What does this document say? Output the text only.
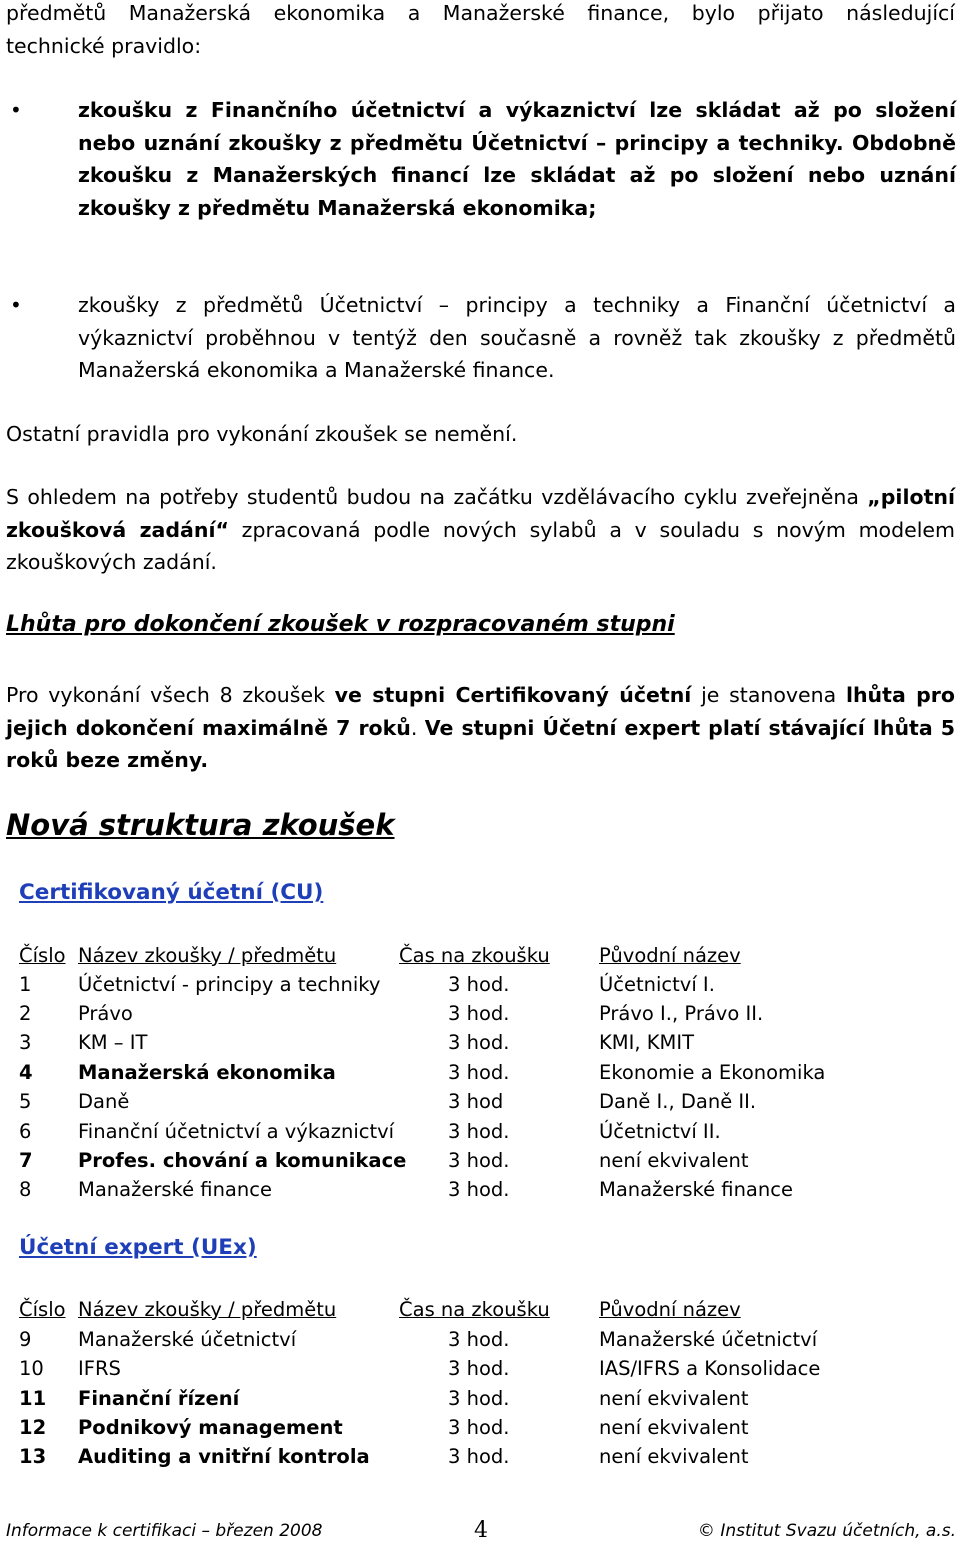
předmětů Manažerská ekonomika a Manažerské finance, bylo přijato následující
technické pravidlo:
•	zkoušku z Finančního účetnictví a výkaznictví lze skládat až po složení nebo uznání zkoušky z předmětu Účetnictví – principy a techniky. Obdobně zkoušku z Manažerských financí lze skládat až po složení nebo uznání zkoušky z předmětu Manažerská ekonomika;
•	zkoušky z předmětů Účetnictví – principy a techniky a Finanční účetnictví a výkaznictví proběhnou v tentýž den současně a rovněž tak zkoušky z předmětů Manažerská ekonomika a Manažerské finance.
Ostatní pravidla pro vykonání zkoušek se nemění.
S ohledem na potřeby studentů budou na začátku vzdělávacího cyklu zveřejněna „pilotní zkoušková zadání“ zpracovaná podle nových sylabů a v souladu s novým modelem zkouškových zadání.
Lhůta pro dokončení zkoušek v rozpracovaném stupni
Pro vykonání všech 8 zkoušek ve stupni Certifikovaný účetní je stanovena lhůta pro jejich dokončení maximálně 7 roků. Ve stupni Účetní expert platí stávající lhůta 5 roků beze změny.
Nová struktura zkoušek
Certifikovaný účetní (CU)
Číslo Název zkoušky / předmětu	Čas na zkoušku	Původní název
1 Účetnictví - principy a techniky	3 hod.	Účetnictví I.
2 Právo	3 hod.	Právo I., Právo II.
3 KM – IT	3 hod.	KMI, KMIT
4 Manažerská ekonomika	3 hod.	Ekonomie a Ekonomika
5 Daně	3 hod	Daně I., Daně II.
6 Finanční účetnictví a výkaznictví	3 hod.	Účetnictví II.
7 Profes. chování a komunikace 3 hod.	není ekvivalent
8 Manažerské finance	3 hod.	Manažerské finance
Účetní expert (UEx)
Číslo Název zkoušky / předmětu	Čas na zkoušku	Původní název
9 Manažerské účetnictví	3 hod.	Manažerské účetnictví
10 IFRS	3 hod.	IAS/IFRS a Konsolidace
11 Finanční řízení	3 hod.	není ekvivalent
12 Podnikový management	3 hod.	není ekvivalent
13 Auditing a vnitřní kontrola	3 hod.	není ekvivalent
Informace k certifikaci – březen 2008	4	© Institut Svazu účetních, a.s.
